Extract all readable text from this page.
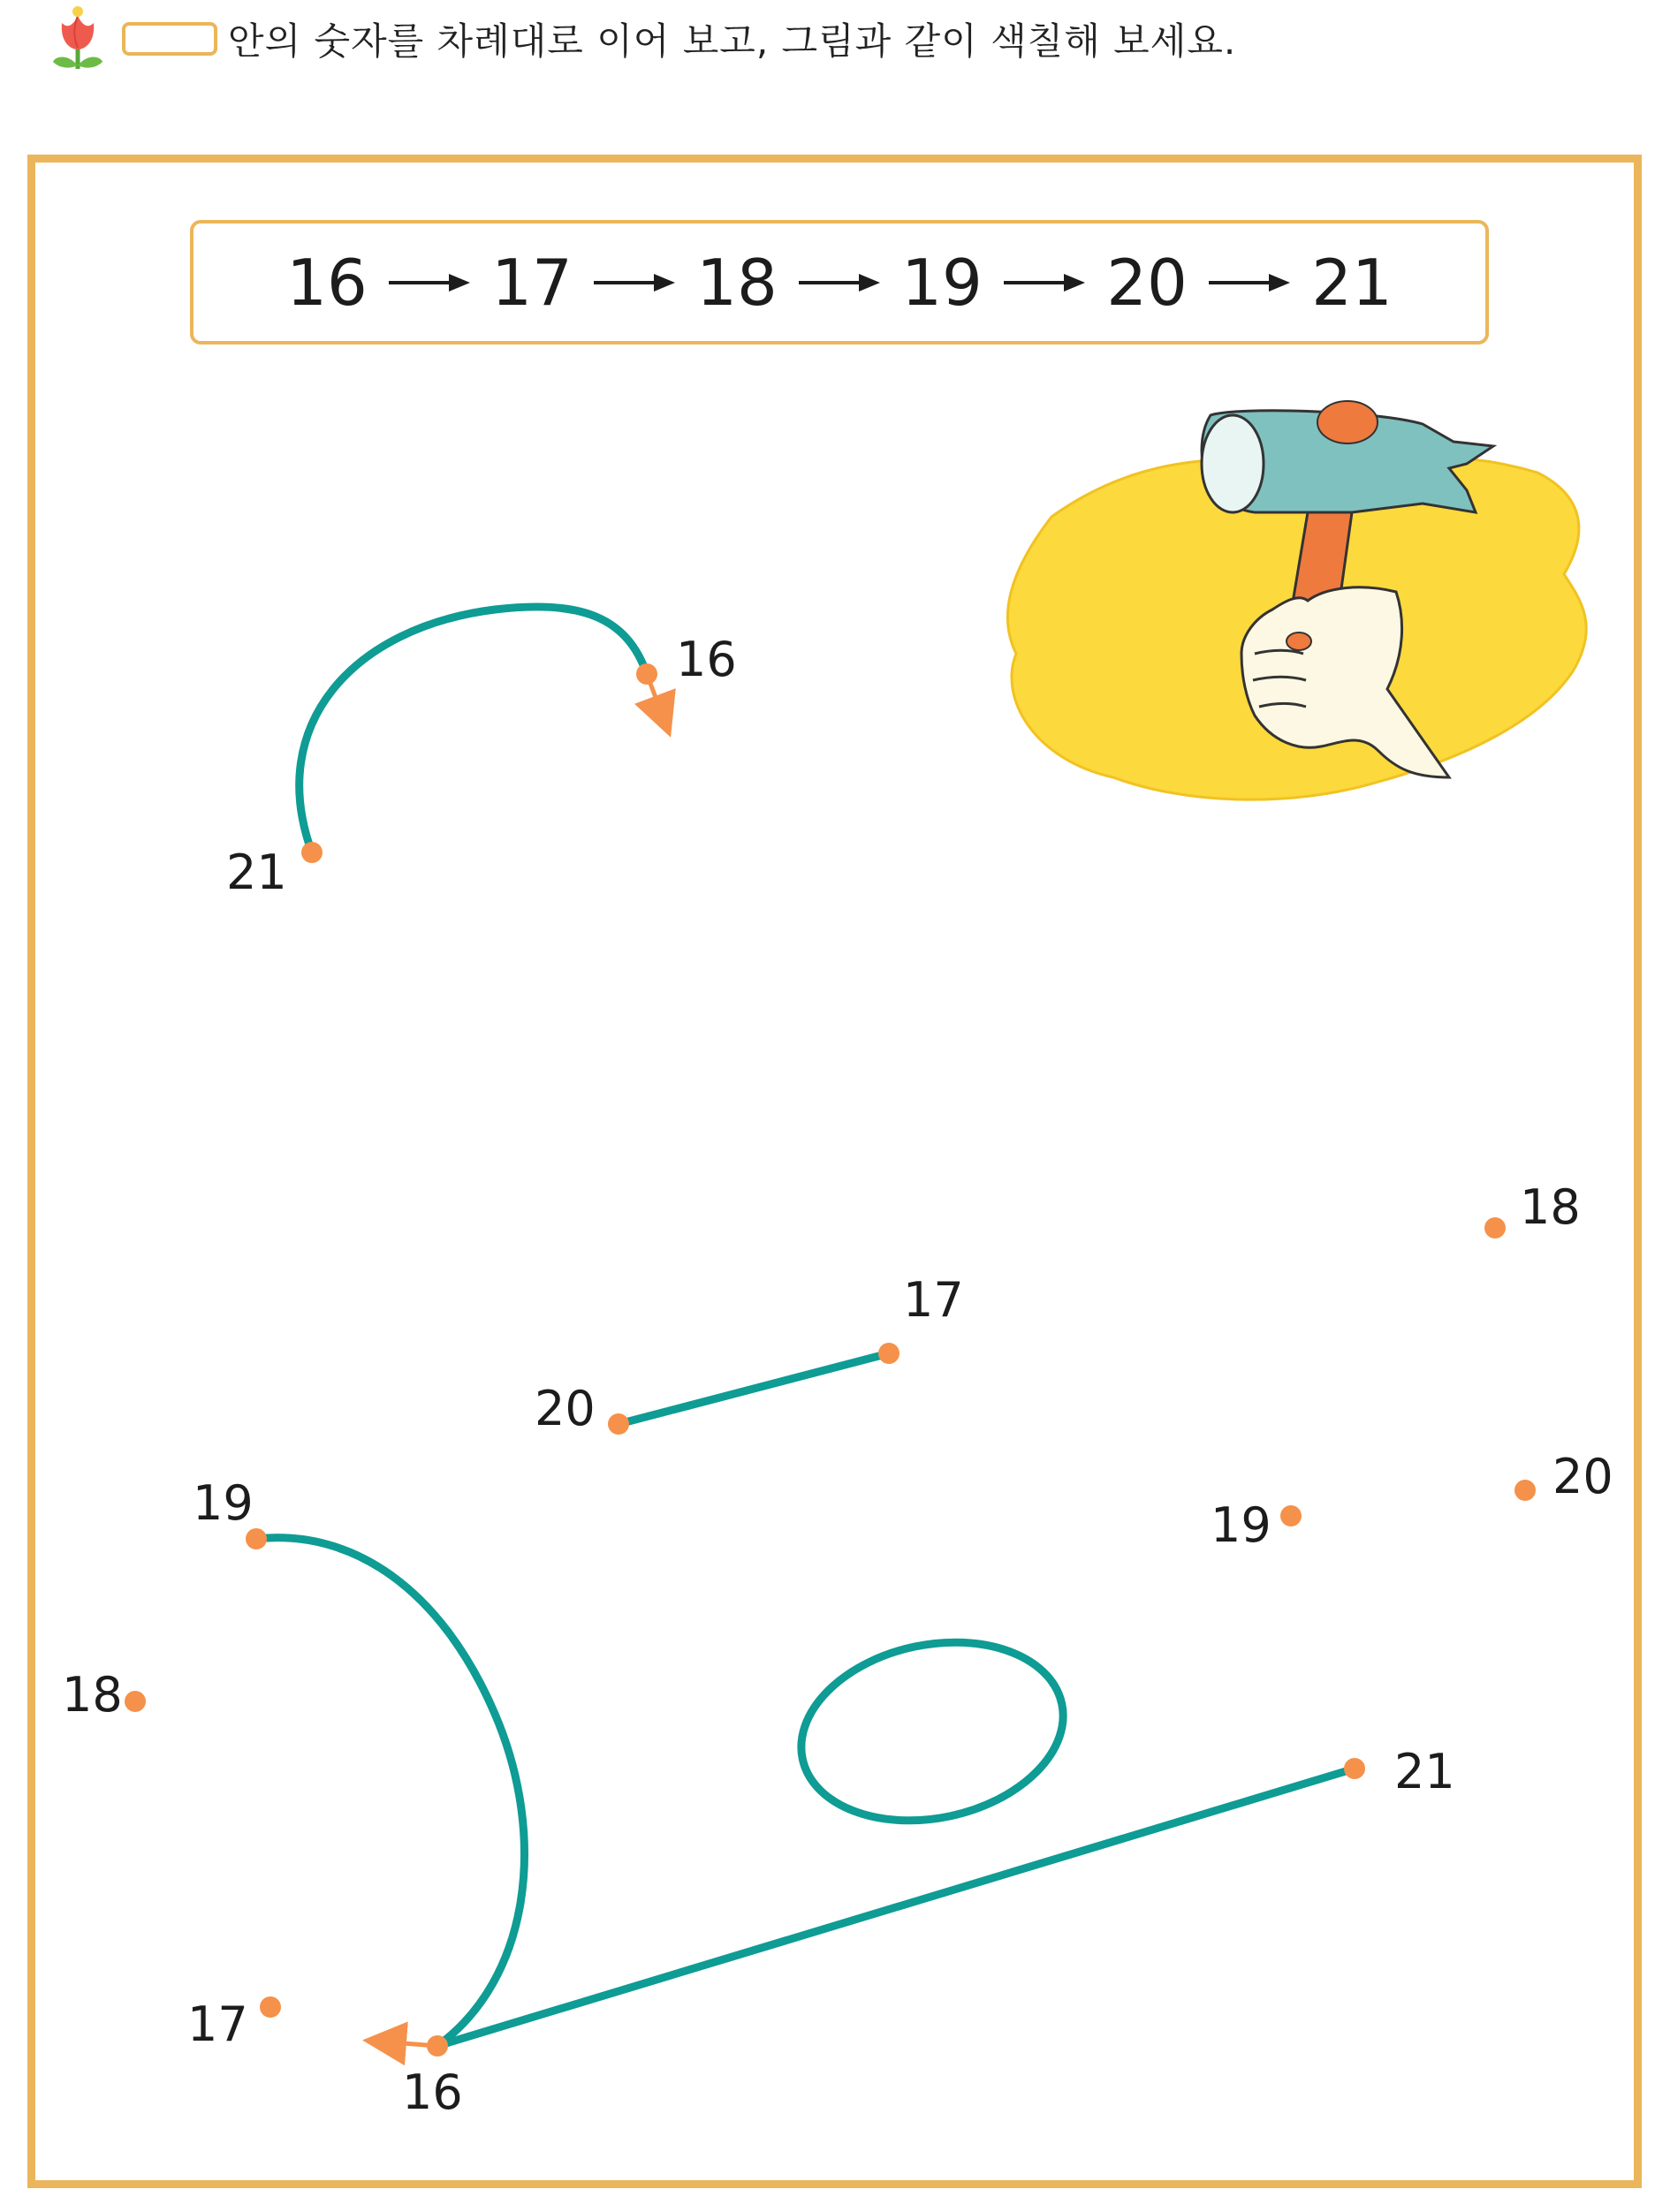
안의 숫자를 차례대로 이어 보고, 그림과 같이 색칠해 보세요.
16 17 18 19 20 21
16
21
16
17
18
19
20
21
17
18
19
20
